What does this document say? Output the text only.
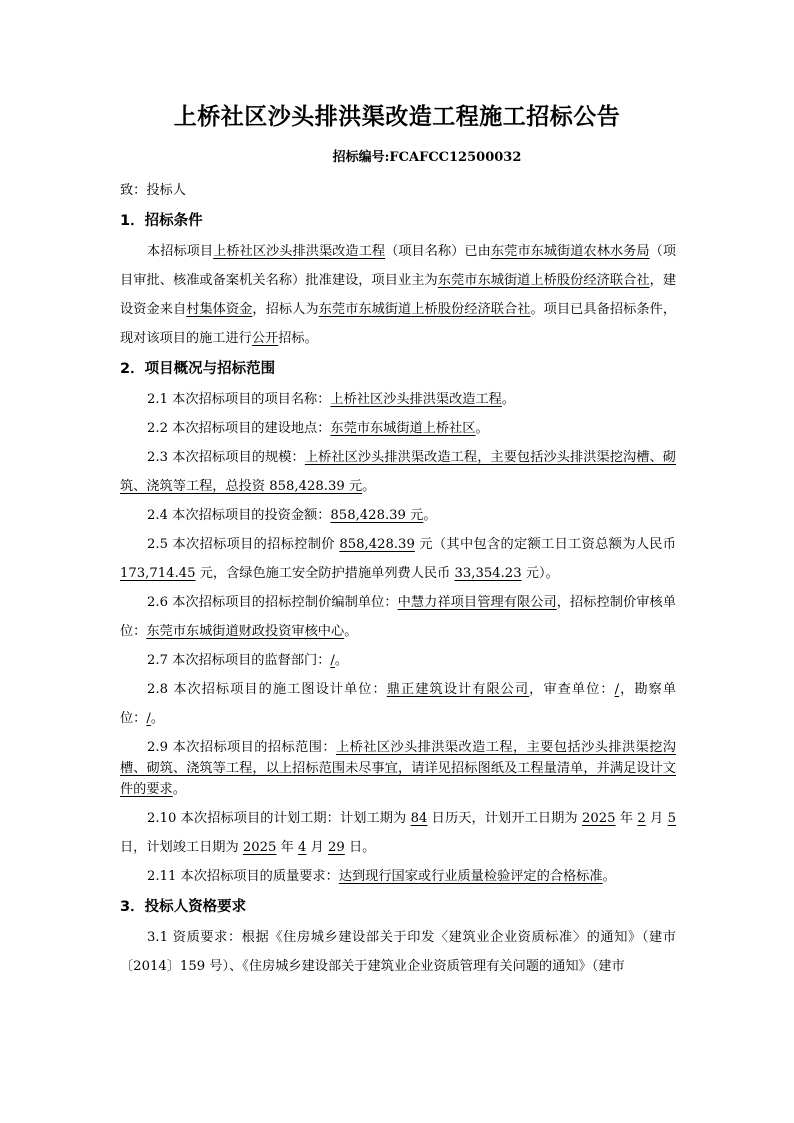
上桥社区沙头排洪渠改造工程施工招标公告
招标编号:FCAFCC12500032

致：投标人

1．招标条件

本招标项目上桥社区沙头排洪渠改造工程（项目名称）已由东莞市东城街道农林水务局（项目审批、核准或备案机关名称）批准建设，项目业主为东莞市东城街道上桥股份经济联合社，建设资金来自村集体资金，招标人为东莞市东城街道上桥股份经济联合社。项目已具备招标条件，现对该项目的施工进行公开招标。

2．项目概况与招标范围

2.1 本次招标项目的项目名称：上桥社区沙头排洪渠改造工程。

2.2 本次招标项目的建设地点：东莞市东城街道上桥社区。

2.3 本次招标项目的规模：上桥社区沙头排洪渠改造工程，主要包括沙头排洪渠挖沟槽、砌筑、浇筑等工程，总投资 858,428.39 元。

2.4 本次招标项目的投资金额：858,428.39 元。

2.5 本次招标项目的招标控制价 858,428.39 元（其中包含的定额工日工资总额为人民币 173,714.45 元，含绿色施工安全防护措施单列费人民币 33,354.23 元）。

2.6 本次招标项目的招标控制价编制单位：中慧力祥项目管理有限公司，招标控制价审核单位：东莞市东城街道财政投资审核中心。

2.7 本次招标项目的监督部门：/。

2.8 本次招标项目的施工图设计单位：鼎正建筑设计有限公司，审查单位：/，勘察单位：/。

2.9 本次招标项目的招标范围：上桥社区沙头排洪渠改造工程，主要包括沙头排洪渠挖沟槽、砌筑、浇筑等工程，以上招标范围未尽事宜，请详见招标图纸及工程量清单，并满足设计文件的要求。

2.10 本次招标项目的计划工期：计划工期为 84 日历天，计划开工日期为 2025 年 2 月 5 日，计划竣工日期为 2025 年 4 月 29 日。

2.11 本次招标项目的质量要求：达到现行国家或行业质量检验评定的合格标准。

3．投标人资格要求

3.1 资质要求：根据《住房城乡建设部关于印发〈建筑业企业资质标准〉的通知》（建市〔2014〕159 号）、《住房城乡建设部关于建筑业企业资质管理有关问题的通知》（建市
